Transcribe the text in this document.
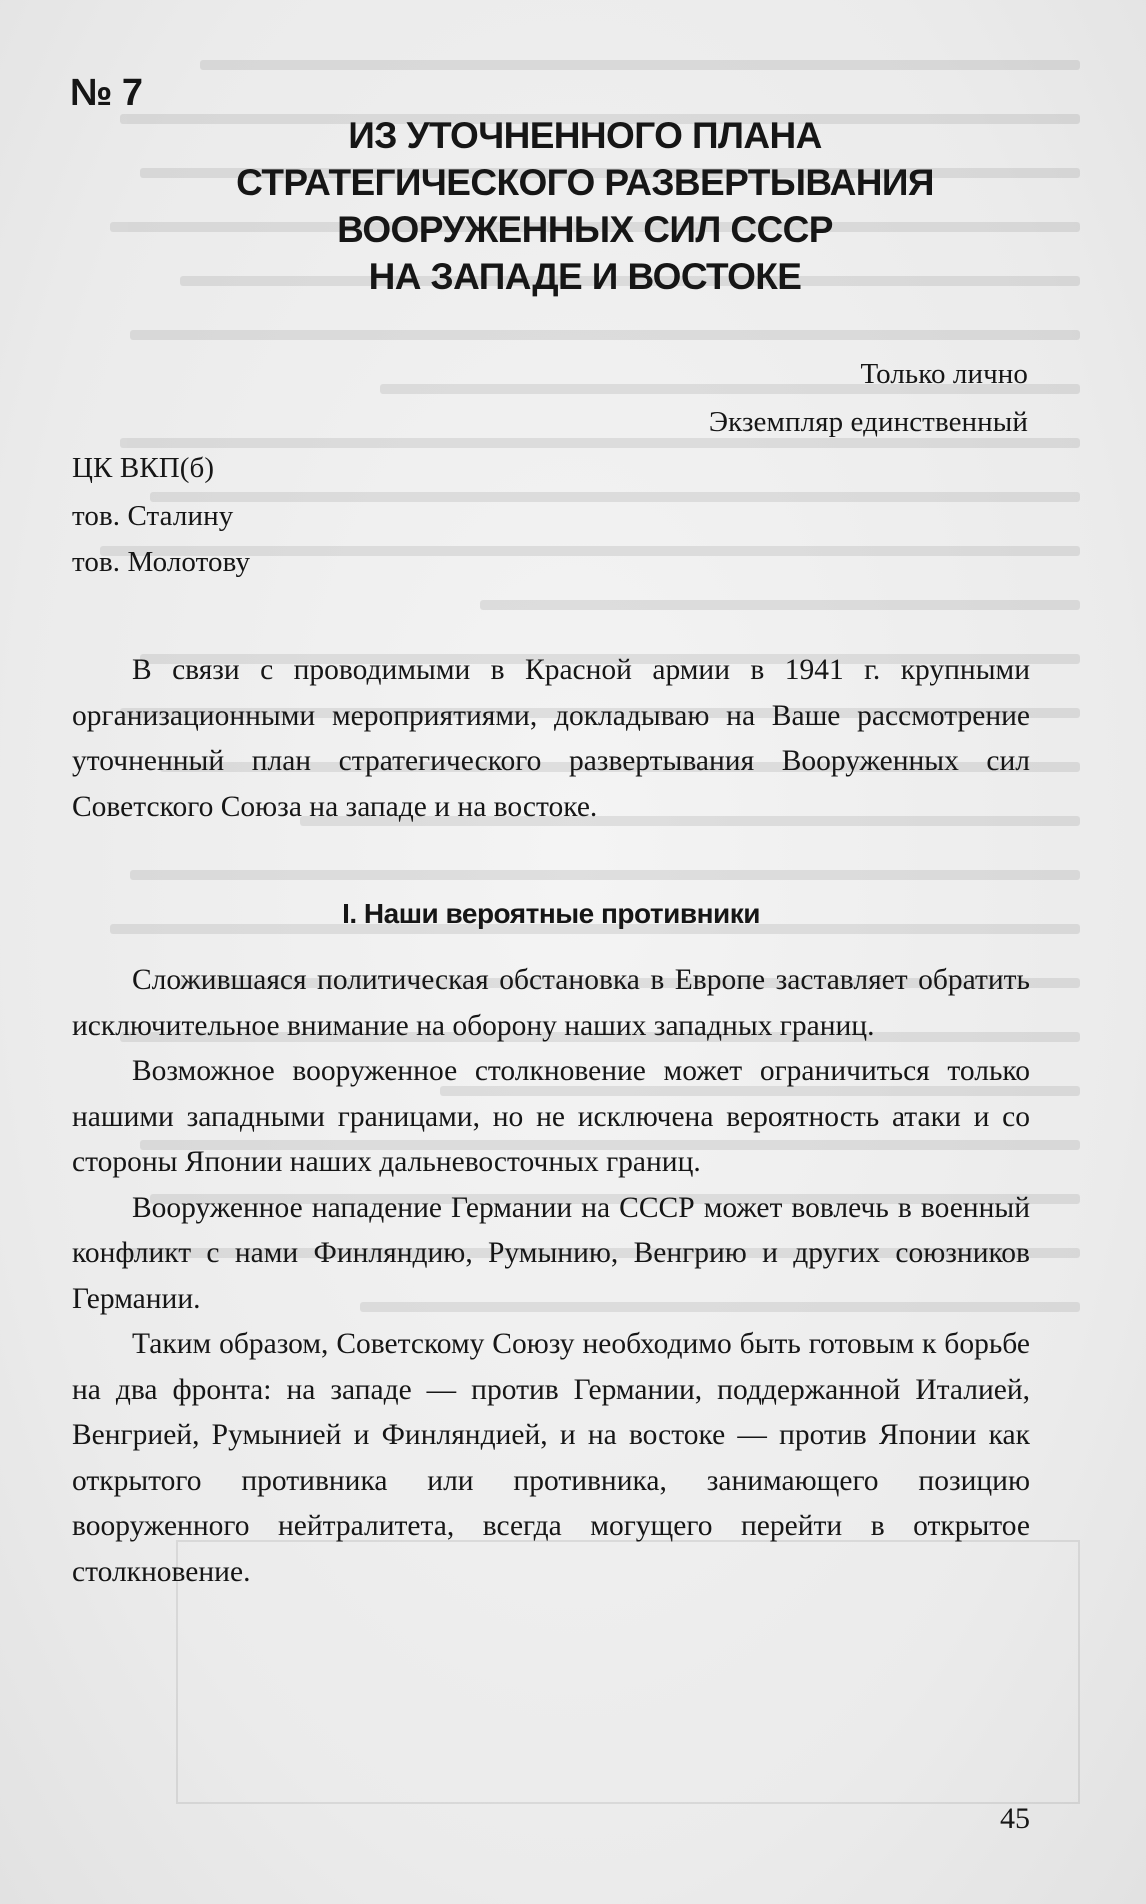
№ 7
ИЗ УТОЧНЕННОГО ПЛАНА
СТРАТЕГИЧЕСКОГО РАЗВЕРТЫВАНИЯ
ВООРУЖЕННЫХ СИЛ СССР
НА ЗАПАДЕ И ВОСТОКЕ
Только лично
Экземпляр единственный
ЦК ВКП(б)
тов. Сталину
тов. Молотову

В связи с проводимыми в Красной армии в 1941 г. крупными организационными мероприятиями, докладываю на Ваше рассмотрение уточненный план стратегического развертывания Вооруженных сил Советского Союза на западе и на востоке.

I. Наши вероятные противники

Сложившаяся политическая обстановка в Европе заставляет обратить исключительное внимание на оборону наших западных границ.

Возможное вооруженное столкновение может ограничиться только нашими западными границами, но не исключена вероятность атаки и со стороны Японии наших дальневосточных границ.

Вооруженное нападение Германии на СССР может вовлечь в военный конфликт с нами Финляндию, Румынию, Венгрию и других союзников Германии.

Таким образом, Советскому Союзу необходимо быть готовым к борьбе на два фронта: на западе — против Германии, поддержанной Италией, Венгрией, Румынией и Финляндией, и на востоке — против Японии как открытого противника или противника, занимающего позицию вооруженного нейтралитета, всегда могущего перейти в открытое столкновение.

45
